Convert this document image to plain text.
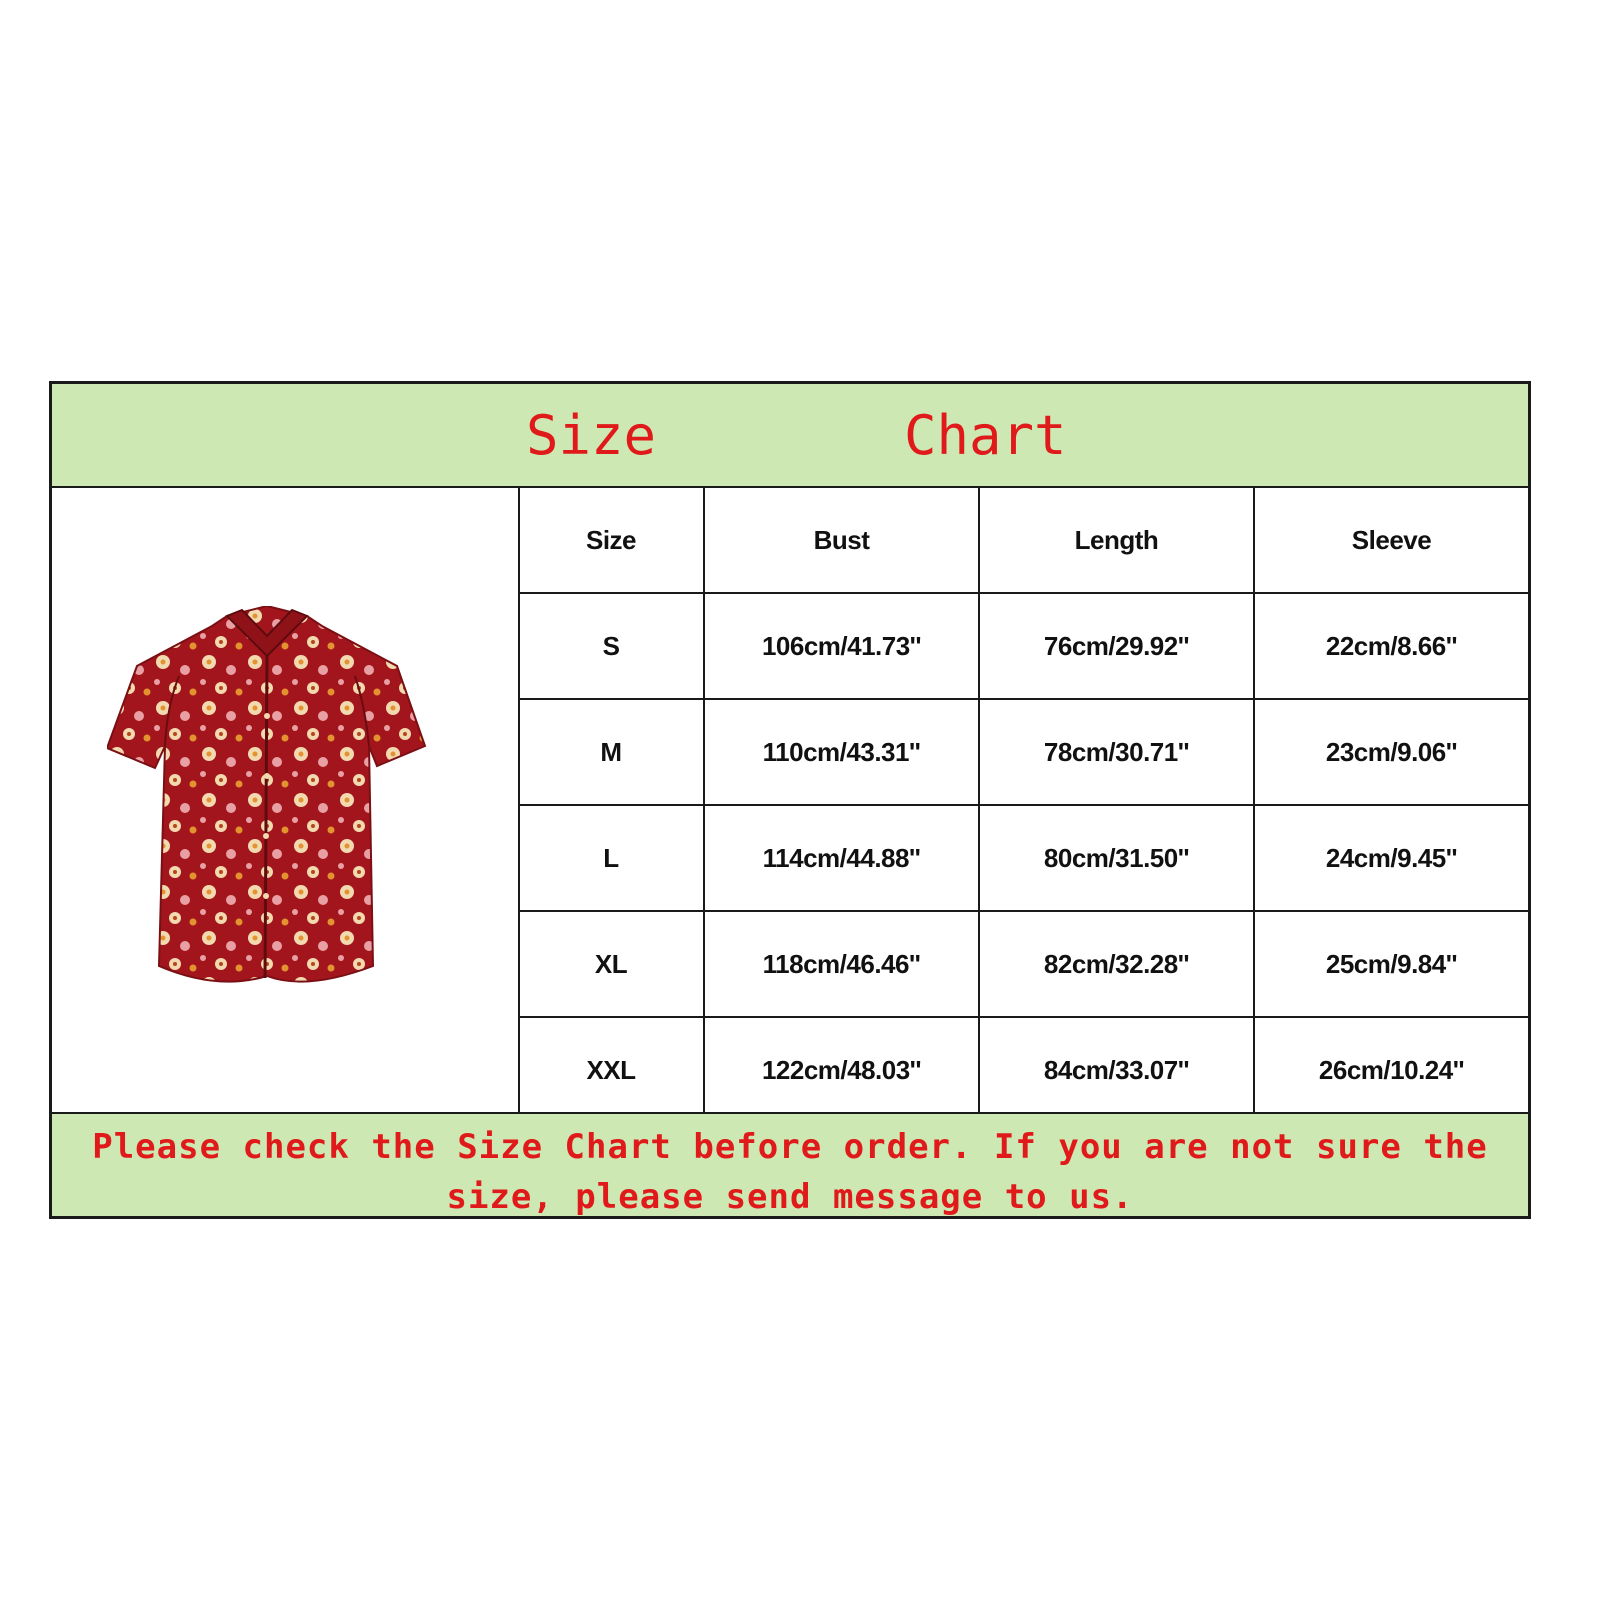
Size	Chart
Size	Bust	Length	Sleeve
S	106cm/41.73''	76cm/29.92''	22cm/8.66''
M	110cm/43.31''	78cm/30.71''	23cm/9.06''
L	114cm/44.88''	80cm/31.50''	24cm/9.45''
XL	118cm/46.46''	82cm/32.28''	25cm/9.84''
XXL	122cm/48.03''	84cm/33.07''	26cm/10.24''
Please check the Size Chart before order. If you are not sure the size, please send message to us.
